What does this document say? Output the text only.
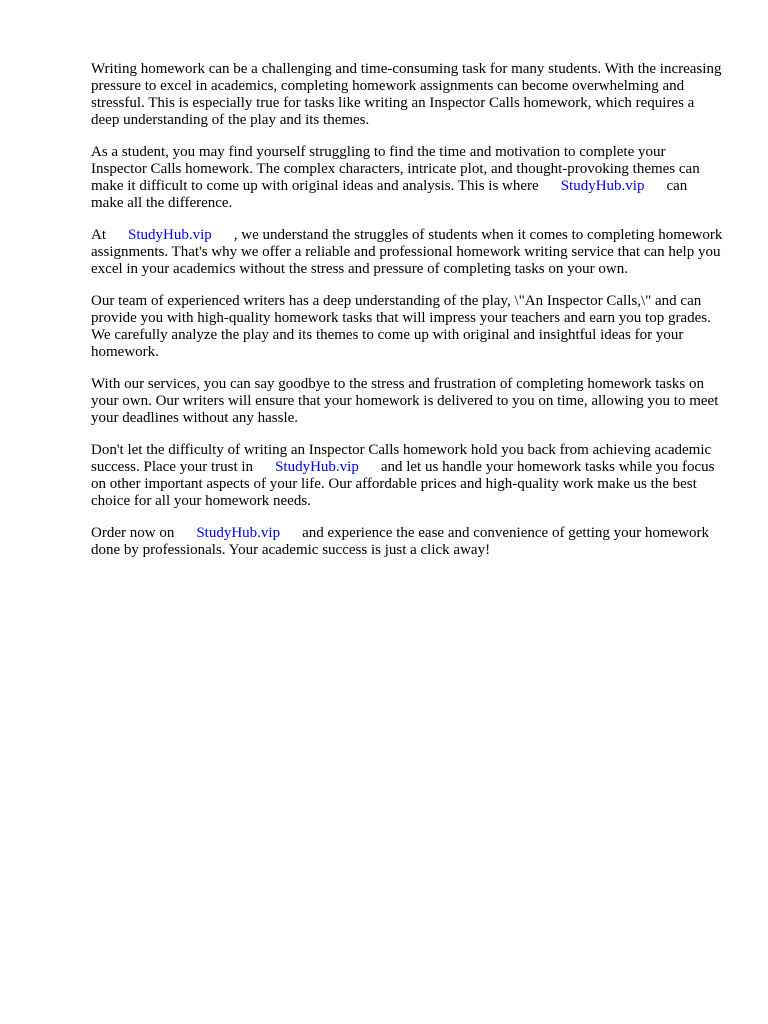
Writing homework can be a challenging and time-consuming task for many students. With the increasing pressure to excel in academics, completing homework assignments can become overwhelming and stressful. This is especially true for tasks like writing an Inspector Calls homework, which requires a deep understanding of the play and its themes.

As a student, you may find yourself struggling to find the time and motivation to complete your Inspector Calls homework. The complex characters, intricate plot, and thought-provoking themes can make it difficult to come up with original ideas and analysis. This is where StudyHub.vip can make all the difference.

At StudyHub.vip , we understand the struggles of students when it comes to completing homework assignments. That's why we offer a reliable and professional homework writing service that can help you excel in your academics without the stress and pressure of completing tasks on your own.

Our team of experienced writers has a deep understanding of the play, \"An Inspector Calls,\" and can provide you with high-quality homework tasks that will impress your teachers and earn you top grades. We carefully analyze the play and its themes to come up with original and insightful ideas for your homework.

With our services, you can say goodbye to the stress and frustration of completing homework tasks on your own. Our writers will ensure that your homework is delivered to you on time, allowing you to meet your deadlines without any hassle.

Don't let the difficulty of writing an Inspector Calls homework hold you back from achieving academic success. Place your trust in StudyHub.vip and let us handle your homework tasks while you focus on other important aspects of your life. Our affordable prices and high-quality work make us the best choice for all your homework needs.

Order now on StudyHub.vip and experience the ease and convenience of getting your homework done by professionals. Your academic success is just a click away!
